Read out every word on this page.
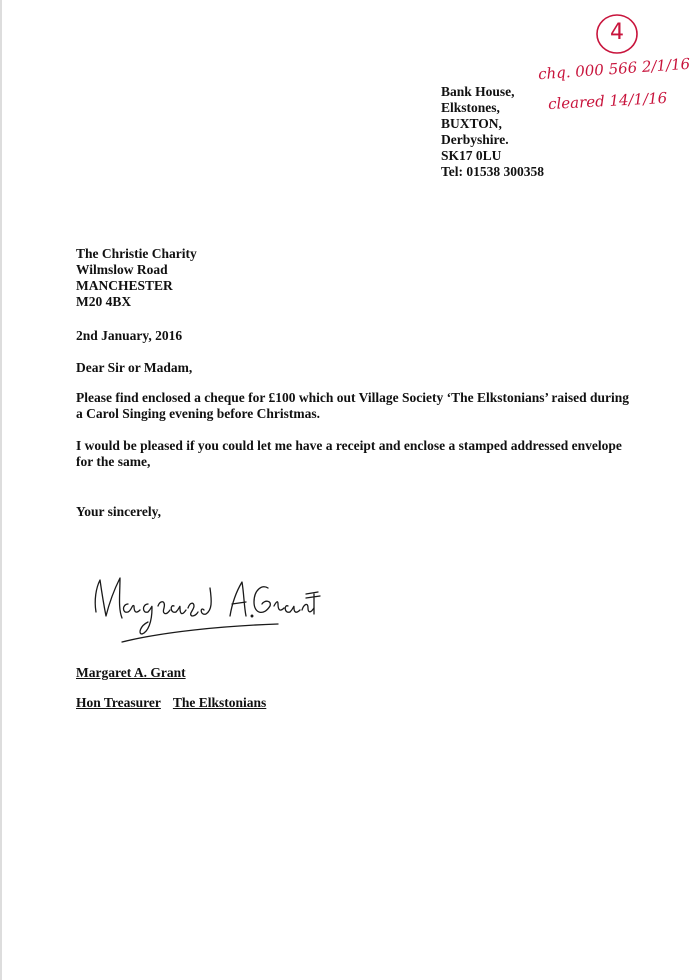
4
chq. 000 566 2/1/16
cleared 14/1/16
Bank House,
Elkstones,
BUXTON,
Derbyshire.
SK17 0LU
Tel: 01538 300358
The Christie Charity
Wilmslow Road
MANCHESTER
M20 4BX
2nd January, 2016
Dear Sir or Madam,
Please find enclosed a cheque for £100 which out Village Society ‘The Elkstonians’ raised during a Carol Singing evening before Christmas.
I would be pleased if you could let me have a receipt and enclose a stamped addressed envelope for the same,
Your sincerely,
Margaret A. Grant
Hon Treasurer The Elkstonians
